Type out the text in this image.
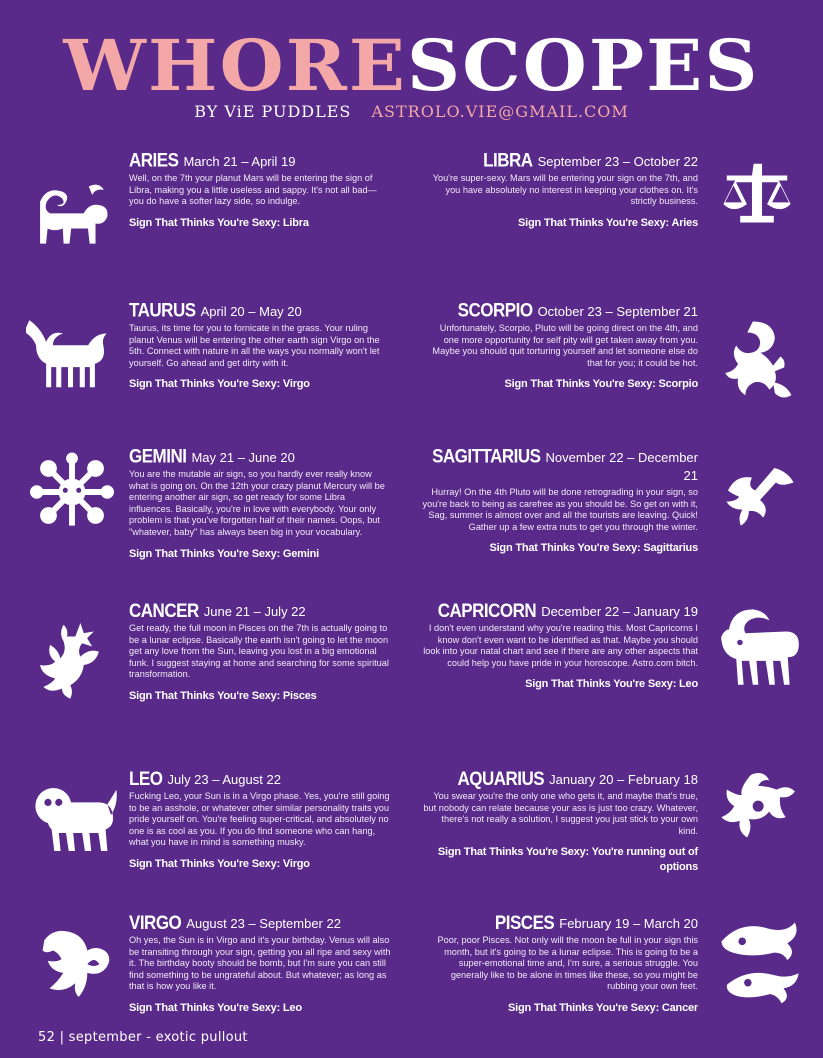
WHORESCOPES
BY ViE PUDDLES ASTROLO.VIE@GMAIL.COM
ARIES March 21 – April 19
Well, on the 7th your planut Mars will be entering the sign of Libra, making you a little useless and sappy. It's not all bad—you do have a softer lazy side, so indulge.
Sign That Thinks You're Sexy: Libra
LIBRA September 23 – October 22
You're super-sexy. Mars will be entering your sign on the 7th, and you have absolutely no interest in keeping your clothes on. It's strictly business.
Sign That Thinks You're Sexy: Aries
TAURUS April 20 – May 20
Taurus, its time for you to fornicate in the grass. Your ruling planut Venus will be entering the other earth sign Virgo on the 5th. Connect with nature in all the ways you normally won't let yourself. Go ahead and get dirty with it.
Sign That Thinks You're Sexy: Virgo
SCORPIO October 23 – September 21
Unfortunately, Scorpio, Pluto will be going direct on the 4th, and one more opportunity for self pity will get taken away from you. Maybe you should quit torturing yourself and let someone else do that for you; it could be hot.
Sign That Thinks You're Sexy: Scorpio
GEMINI May 21 – June 20
You are the mutable air sign, so you hardly ever really know what is going on. On the 12th your crazy planut Mercury will be entering another air sign, so get ready for some Libra influences. Basically, you're in love with everybody. Your only problem is that you've forgotten half of their names. Oops, but "whatever, baby" has always been big in your vocabulary.
Sign That Thinks You're Sexy: Gemini
SAGITTARIUS November 22 – December 21
Hurray! On the 4th Pluto will be done retrograding in your sign, so you're back to being as carefree as you should be. So get on with it, Sag, summer is almost over and all the tourists are leaving. Quick! Gather up a few extra nuts to get you through the winter.
Sign That Thinks You're Sexy: Sagittarius
CANCER June 21 – July 22
Get ready, the full moon in Pisces on the 7th is actually going to be a lunar eclipse. Basically the earth isn't going to let the moon get any love from the Sun, leaving you lost in a big emotional funk. I suggest staying at home and searching for some spiritual transformation.
Sign That Thinks You're Sexy: Pisces
CAPRICORN December 22 – January 19
I don't even understand why you're reading this. Most Capricorns I know don't even want to be identified as that. Maybe you should look into your natal chart and see if there are any other aspects that could help you have pride in your horoscope. Astro.com bitch.
Sign That Thinks You're Sexy: Leo
LEO July 23 – August 22
Fucking Leo, your Sun is in a Virgo phase. Yes, you're still going to be an asshole, or whatever other similar personality traits you pride yourself on. You're feeling super-critical, and absolutely no one is as cool as you. If you do find someone who can hang, what you have in mind is something musky.
Sign That Thinks You're Sexy: Virgo
AQUARIUS January 20 – February 18
You swear you're the only one who gets it, and maybe that's true, but nobody can relate because your ass is just too crazy. Whatever, there's not really a solution, I suggest you just stick to your own kind.
Sign That Thinks You're Sexy: You're running out of options
VIRGO August 23 – September 22
Oh yes, the Sun is in Virgo and it's your birthday. Venus will also be transiting through your sign, getting you all ripe and sexy with it. The birthday booty should be bomb, but I'm sure you can still find something to be ungrateful about. But whatever; as long as that is how you like it.
Sign That Thinks You're Sexy: Leo
PISCES February 19 – March 20
Poor, poor Pisces. Not only will the moon be full in your sign this month, but it's going to be a lunar eclipse. This is going to be a super-emotional time and, I'm sure, a serious struggle. You generally like to be alone in times like these, so you might be rubbing your own feet.
Sign That Thinks You're Sexy: Cancer
52 | september - exotic pullout
